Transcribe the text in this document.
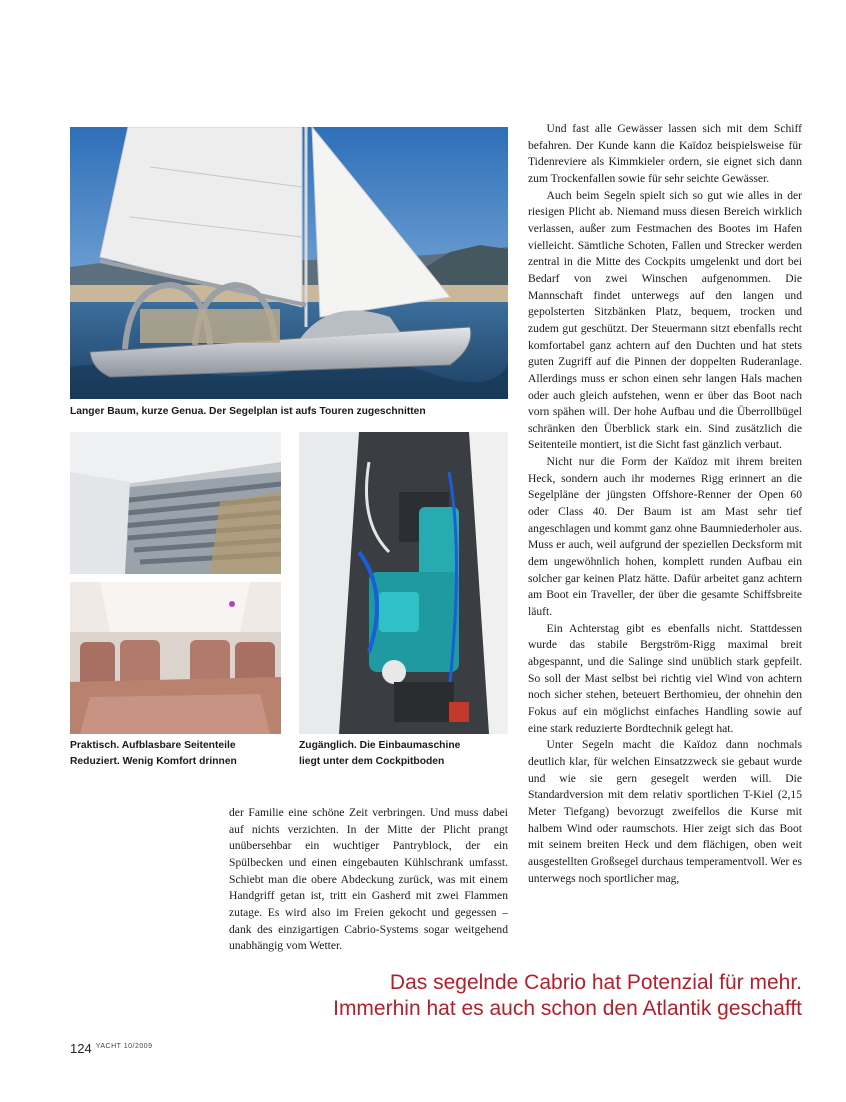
Langer Baum, kurze Genua. Der Segelplan ist aufs Touren zugeschnitten
Praktisch. Aufblasbare Seitenteile
Reduziert. Wenig Komfort drinnen
Zugänglich. Die Einbaumaschine
liegt unter dem Cockpitboden

der Familie eine schöne Zeit verbringen. Und muss dabei auf nichts verzichten. In der Mitte der Plicht prangt unübersehbar ein wuchtiger Pantryblock, der ein Spülbecken und einen eingebauten Kühlschrank umfasst. Schiebt man die obere Abdeckung zurück, was mit einem Handgriff getan ist, tritt ein Gasherd mit zwei Flammen zutage. Es wird also im Freien gekocht und gegessen – dank des einzigartigen Cabrio-Systems sogar weitgehend unabhängig vom Wetter.

Und fast alle Gewässer lassen sich mit dem Schiff befahren. Der Kunde kann die Kaïdoz beispielsweise für Tidenreviere als Kimmkieler ordern, sie eignet sich dann zum Trockenfallen sowie für sehr seichte Gewässer.

Auch beim Segeln spielt sich so gut wie alles in der riesigen Plicht ab. Niemand muss diesen Bereich wirklich verlassen, außer zum Festmachen des Bootes im Hafen vielleicht. Sämtliche Schoten, Fallen und Strecker werden zentral in die Mitte des Cockpits umgelenkt und dort bei Bedarf von zwei Winschen aufgenommen. Die Mannschaft findet unterwegs auf den langen und gepolsterten Sitzbänken Platz, bequem, trocken und zudem gut geschützt. Der Steuermann sitzt ebenfalls recht komfortabel ganz achtern auf den Duchten und hat stets guten Zugriff auf die Pinnen der doppelten Ruderanlage. Allerdings muss er schon einen sehr langen Hals machen oder auch gleich aufstehen, wenn er über das Boot nach vorn spähen will. Der hohe Aufbau und die Überrollbügel schränken den Überblick stark ein. Sind zusätzlich die Seitenteile montiert, ist die Sicht fast gänzlich verbaut.

Nicht nur die Form der Kaïdoz mit ihrem breiten Heck, sondern auch ihr modernes Rigg erinnert an die Segelpläne der jüngsten Offshore-Renner der Open 60 oder Class 40. Der Baum ist am Mast sehr tief angeschlagen und kommt ganz ohne Baumniederholer aus. Muss er auch, weil aufgrund der speziellen Decksform mit dem ungewöhnlich hohen, komplett runden Aufbau ein solcher gar keinen Platz hätte. Dafür arbeitet ganz achtern am Boot ein Traveller, der über die gesamte Schiffsbreite läuft.

Ein Achterstag gibt es ebenfalls nicht. Stattdessen wurde das stabile Bergström-Rigg maximal breit abgespannt, und die Salinge sind unüblich stark gepfeilt. So soll der Mast selbst bei richtig viel Wind von achtern noch sicher stehen, beteuert Berthomieu, der ohnehin den Fokus auf ein möglichst einfaches Handling sowie auf eine stark reduzierte Bordtechnik gelegt hat.

Unter Segeln macht die Kaïdoz dann nochmals deutlich klar, für welchen Einsatzzweck sie gebaut wurde und wie sie gern gesegelt werden will. Die Standardversion mit dem relativ sportlichen T-Kiel (2,15 Meter Tiefgang) bevorzugt zweifellos die Kurse mit halbem Wind oder raumschots. Hier zeigt sich das Boot mit seinem breiten Heck und dem flächigen, oben weit ausgestellten Großsegel durchaus temperamentvoll. Wer es unterwegs noch sportlicher mag,

Das segelnde Cabrio hat Potenzial für mehr.
Immerhin hat es auch schon den Atlantik geschafft
124 $^{YACHT 10/2009}$
